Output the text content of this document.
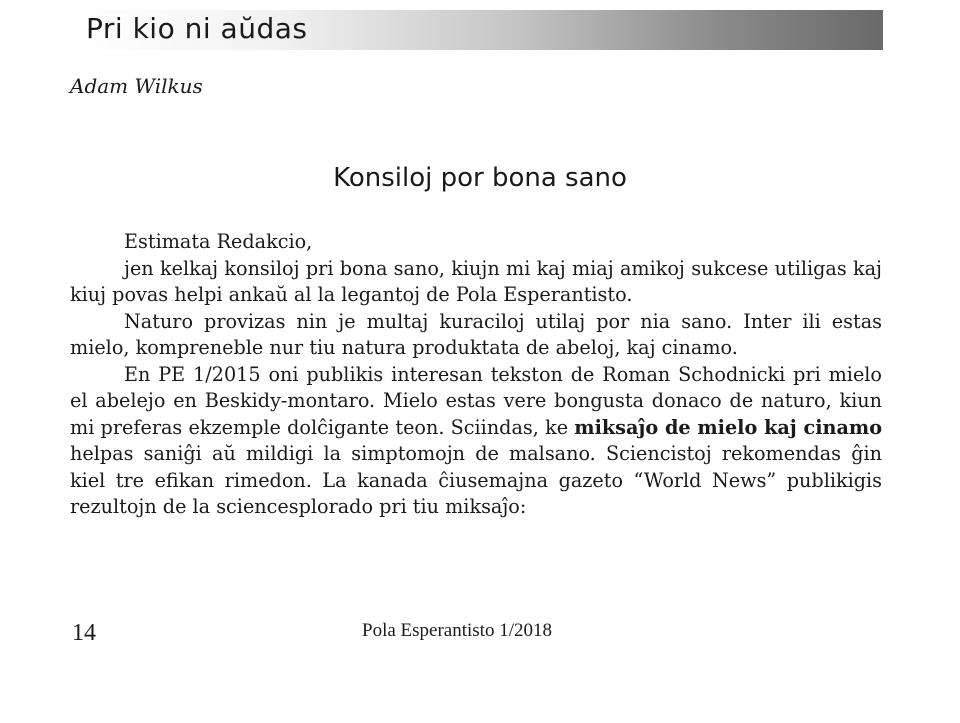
Pri kio ni aŭdas
Adam Wilkus
Konsiloj por bona sano

Estimata Redakcio,

jen kelkaj konsiloj pri bona sano, kiujn mi kaj miaj amikoj sukcese utiligas kaj kiuj povas helpi ankaŭ al la legantoj de Pola Esperantisto.

Naturo provizas nin je multaj kuraciloj utilaj por nia sano. Inter ili estas mielo, kompreneble nur tiu natura produktata de abeloj, kaj cinamo.

En PE 1/2015 oni publikis interesan tekston de Roman Schodnicki pri mielo el abelejo en Beskidy-montaro. Mielo estas vere bongusta donaco de naturo, kiun mi preferas ekzemple dolĉigante teon. Sciindas, ke miksaĵo de mielo kaj cinamo helpas saniĝi aŭ mildigi la simptomojn de malsano. Sciencistoj rekomendas ĝin kiel tre efikan rimedon. La kanada ĉiusemajna gazeto “World News” publikigis rezultojn de la sciencesplorado pri tiu miksaĵo:

14	Pola Esperantisto 1/2018
